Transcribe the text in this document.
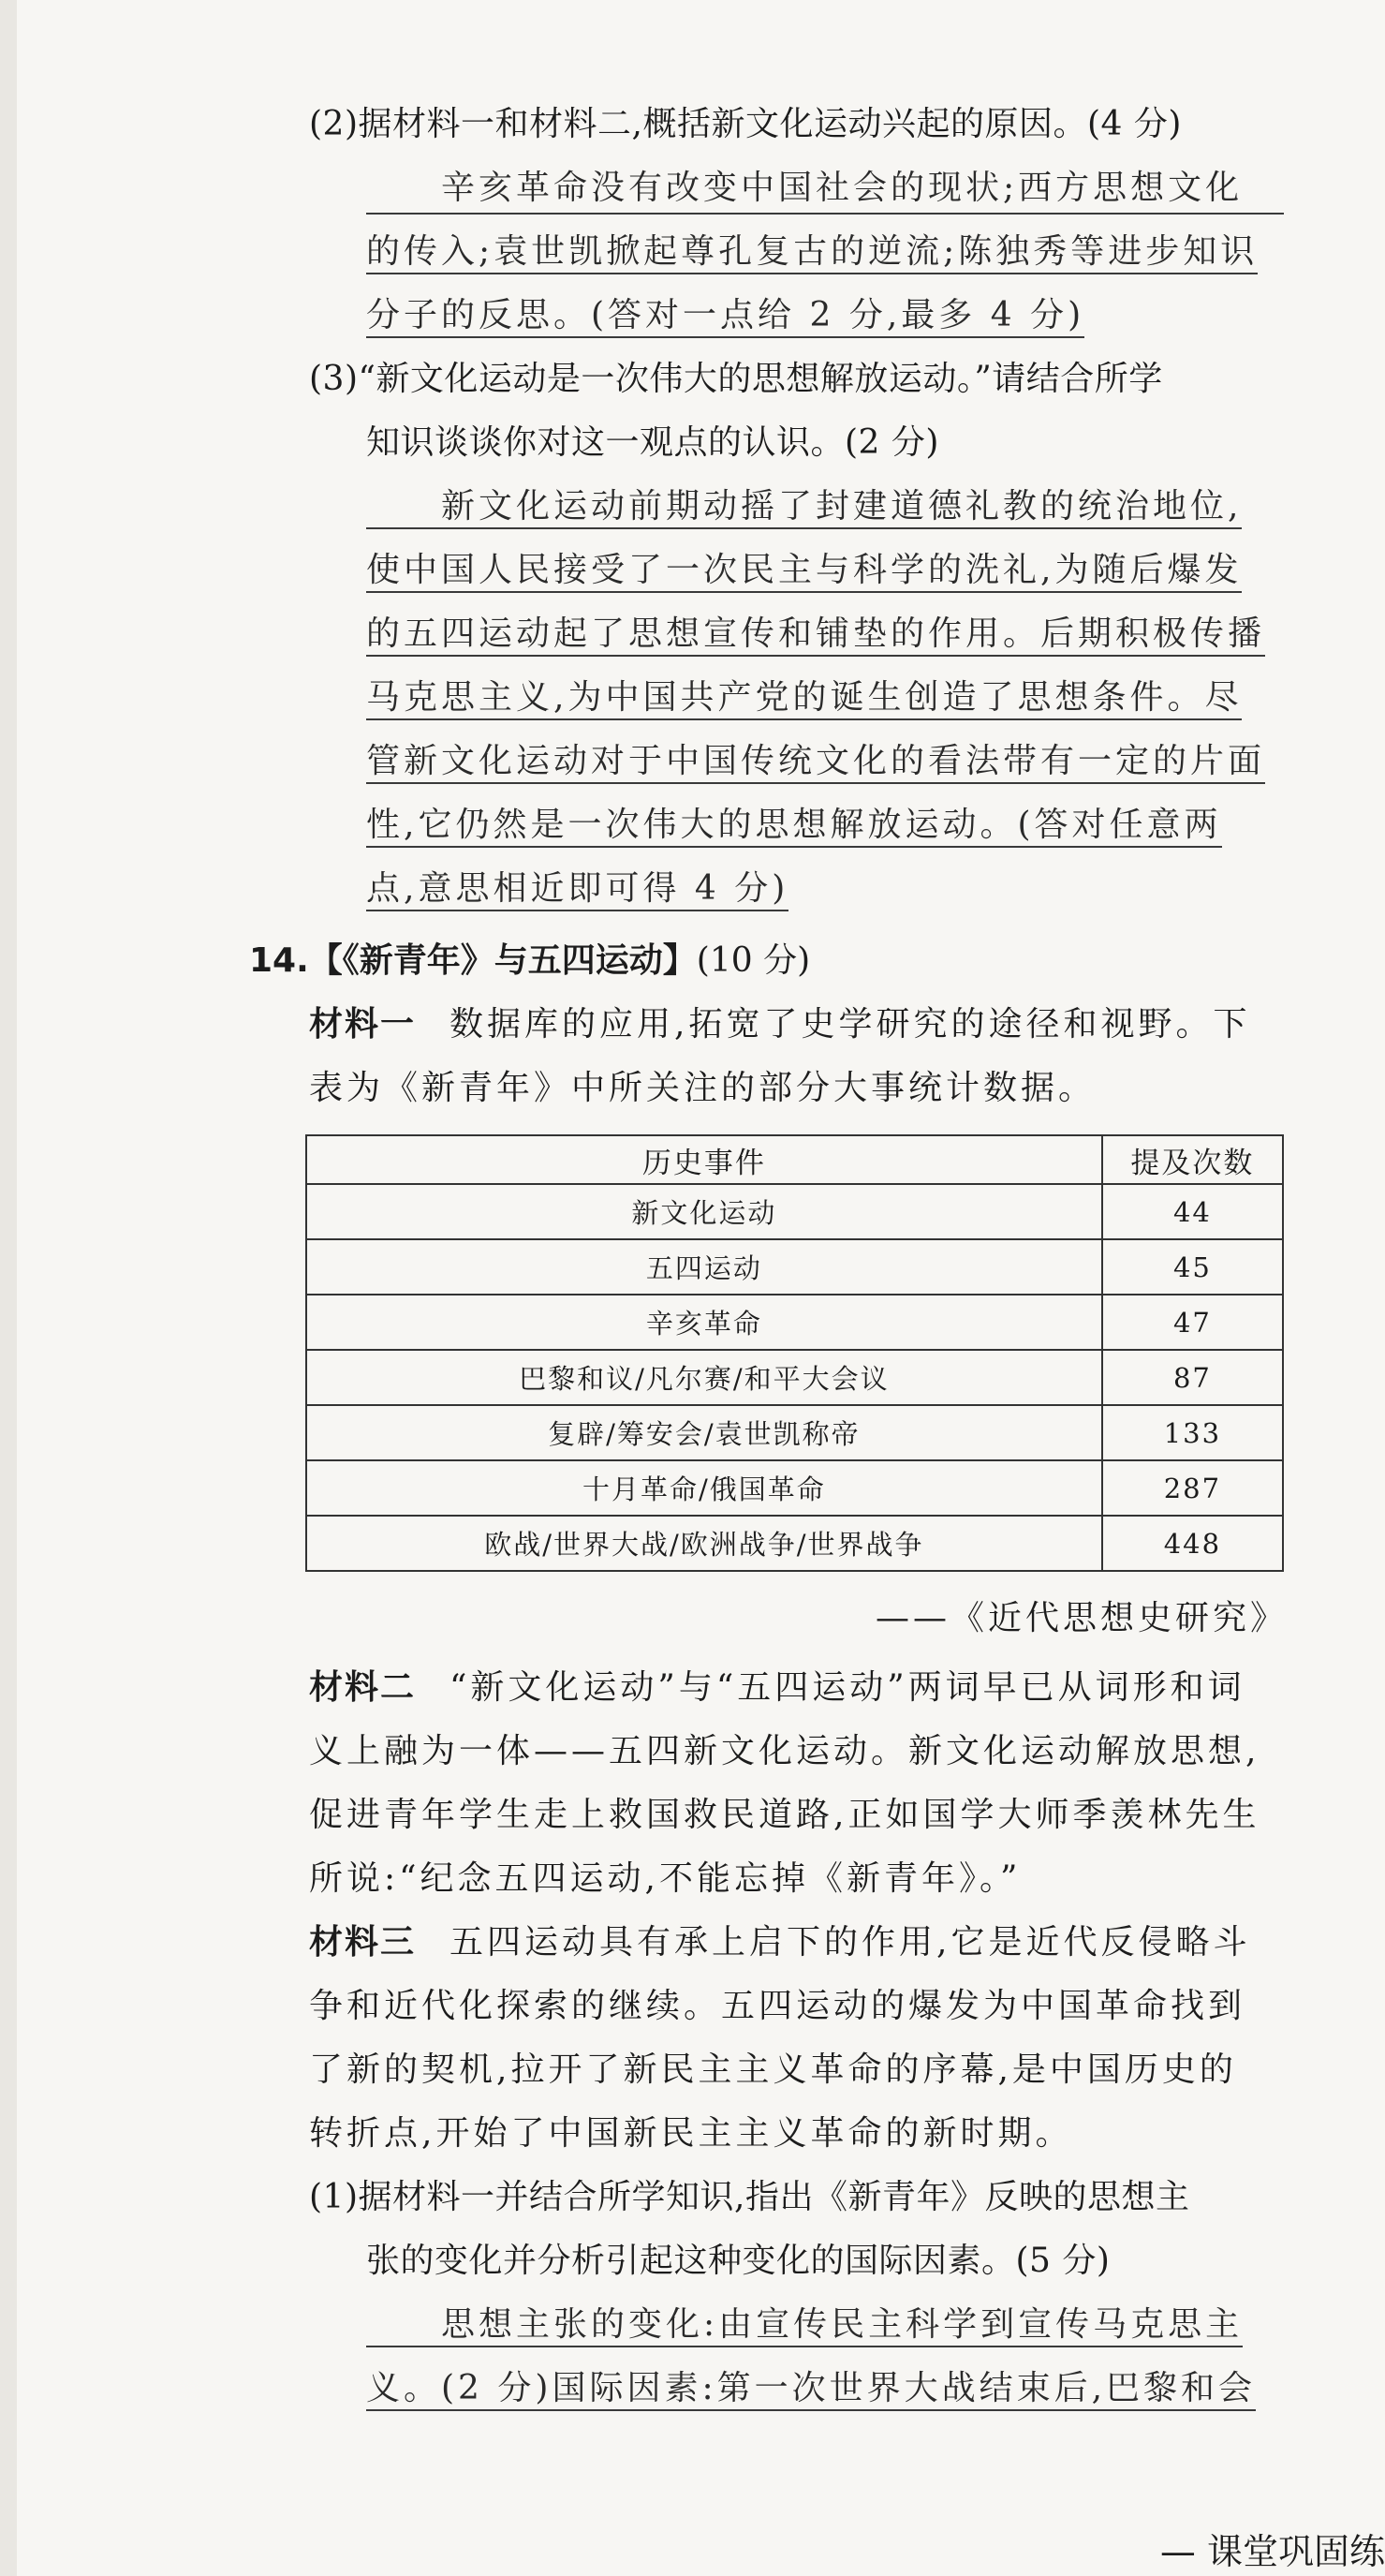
(2)据材料一和材料二,概括新文化运动兴起的原因。(4 分)
辛亥革命没有改变中国社会的现状;西方思想文化
的传入;袁世凯掀起尊孔复古的逆流;陈独秀等进步知识
分子的反思。(答对一点给 2 分,最多 4 分)
(3)“新文化运动是一次伟大的思想解放运动。”请结合所学
知识谈谈你对这一观点的认识。(2 分)
新文化运动前期动摇了封建道德礼教的统治地位,
使中国人民接受了一次民主与科学的洗礼,为随后爆发
的五四运动起了思想宣传和铺垫的作用。后期积极传播
马克思主义,为中国共产党的诞生创造了思想条件。尽
管新文化运动对于中国传统文化的看法带有一定的片面
性,它仍然是一次伟大的思想解放运动。(答对任意两
点,意思相近即可得 4 分)
14.【《新青年》与五四运动】(10 分)
材料一 数据库的应用,拓宽了史学研究的途径和视野。下
表为《新青年》中所关注的部分大事统计数据。
历史事件	提及次数
新文化运动	44
五四运动	45
辛亥革命	47
巴黎和议/凡尔赛/和平大会议	87
复辟/筹安会/袁世凯称帝	133
十月革命/俄国革命	287
欧战/世界大战/欧洲战争/世界战争	448
——《近代思想史研究》
材料二 “新文化运动”与“五四运动”两词早已从词形和词
义上融为一体——五四新文化运动。新文化运动解放思想,
促进青年学生走上救国救民道路,正如国学大师季羡林先生
所说:“纪念五四运动,不能忘掉《新青年》。”
材料三 五四运动具有承上启下的作用,它是近代反侵略斗
争和近代化探索的继续。五四运动的爆发为中国革命找到
了新的契机,拉开了新民主主义革命的序幕,是中国历史的
转折点,开始了中国新民主主义革命的新时期。
(1)据材料一并结合所学知识,指出《新青年》反映的思想主
张的变化并分析引起这种变化的国际因素。(5 分)
思想主张的变化:由宣传民主科学到宣传马克思主
义。(2 分)国际因素:第一次世界大战结束后,巴黎和会
— 课堂巩固练
